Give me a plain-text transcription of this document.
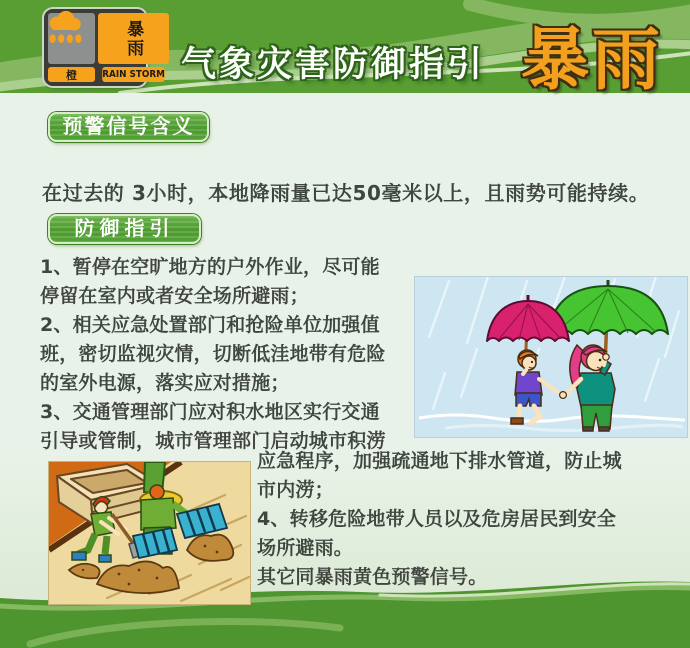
暴雨
橙	RAIN STORM 气象灾害防御指引 暴雨
预警信号含义

在过去的 3小时，本地降雨量已达50毫米以上，且雨势可能持续。

防御指引
1、暂停在空旷地方的户外作业，尽可能
停留在室内或者安全场所避雨；
2、相关应急处置部门和抢险单位加强值
班，密切监视灾情，切断低洼地带有危险
的室外电源，落实应对措施；
3、交通管理部门应对积水地区实行交通
引导或管制，城市管理部门启动城市积涝
应急程序，加强疏通地下排水管道，防止城
市内涝；
4、转移危险地带人员以及危房居民到安全
场所避雨。
其它同暴雨黄色预警信号。
